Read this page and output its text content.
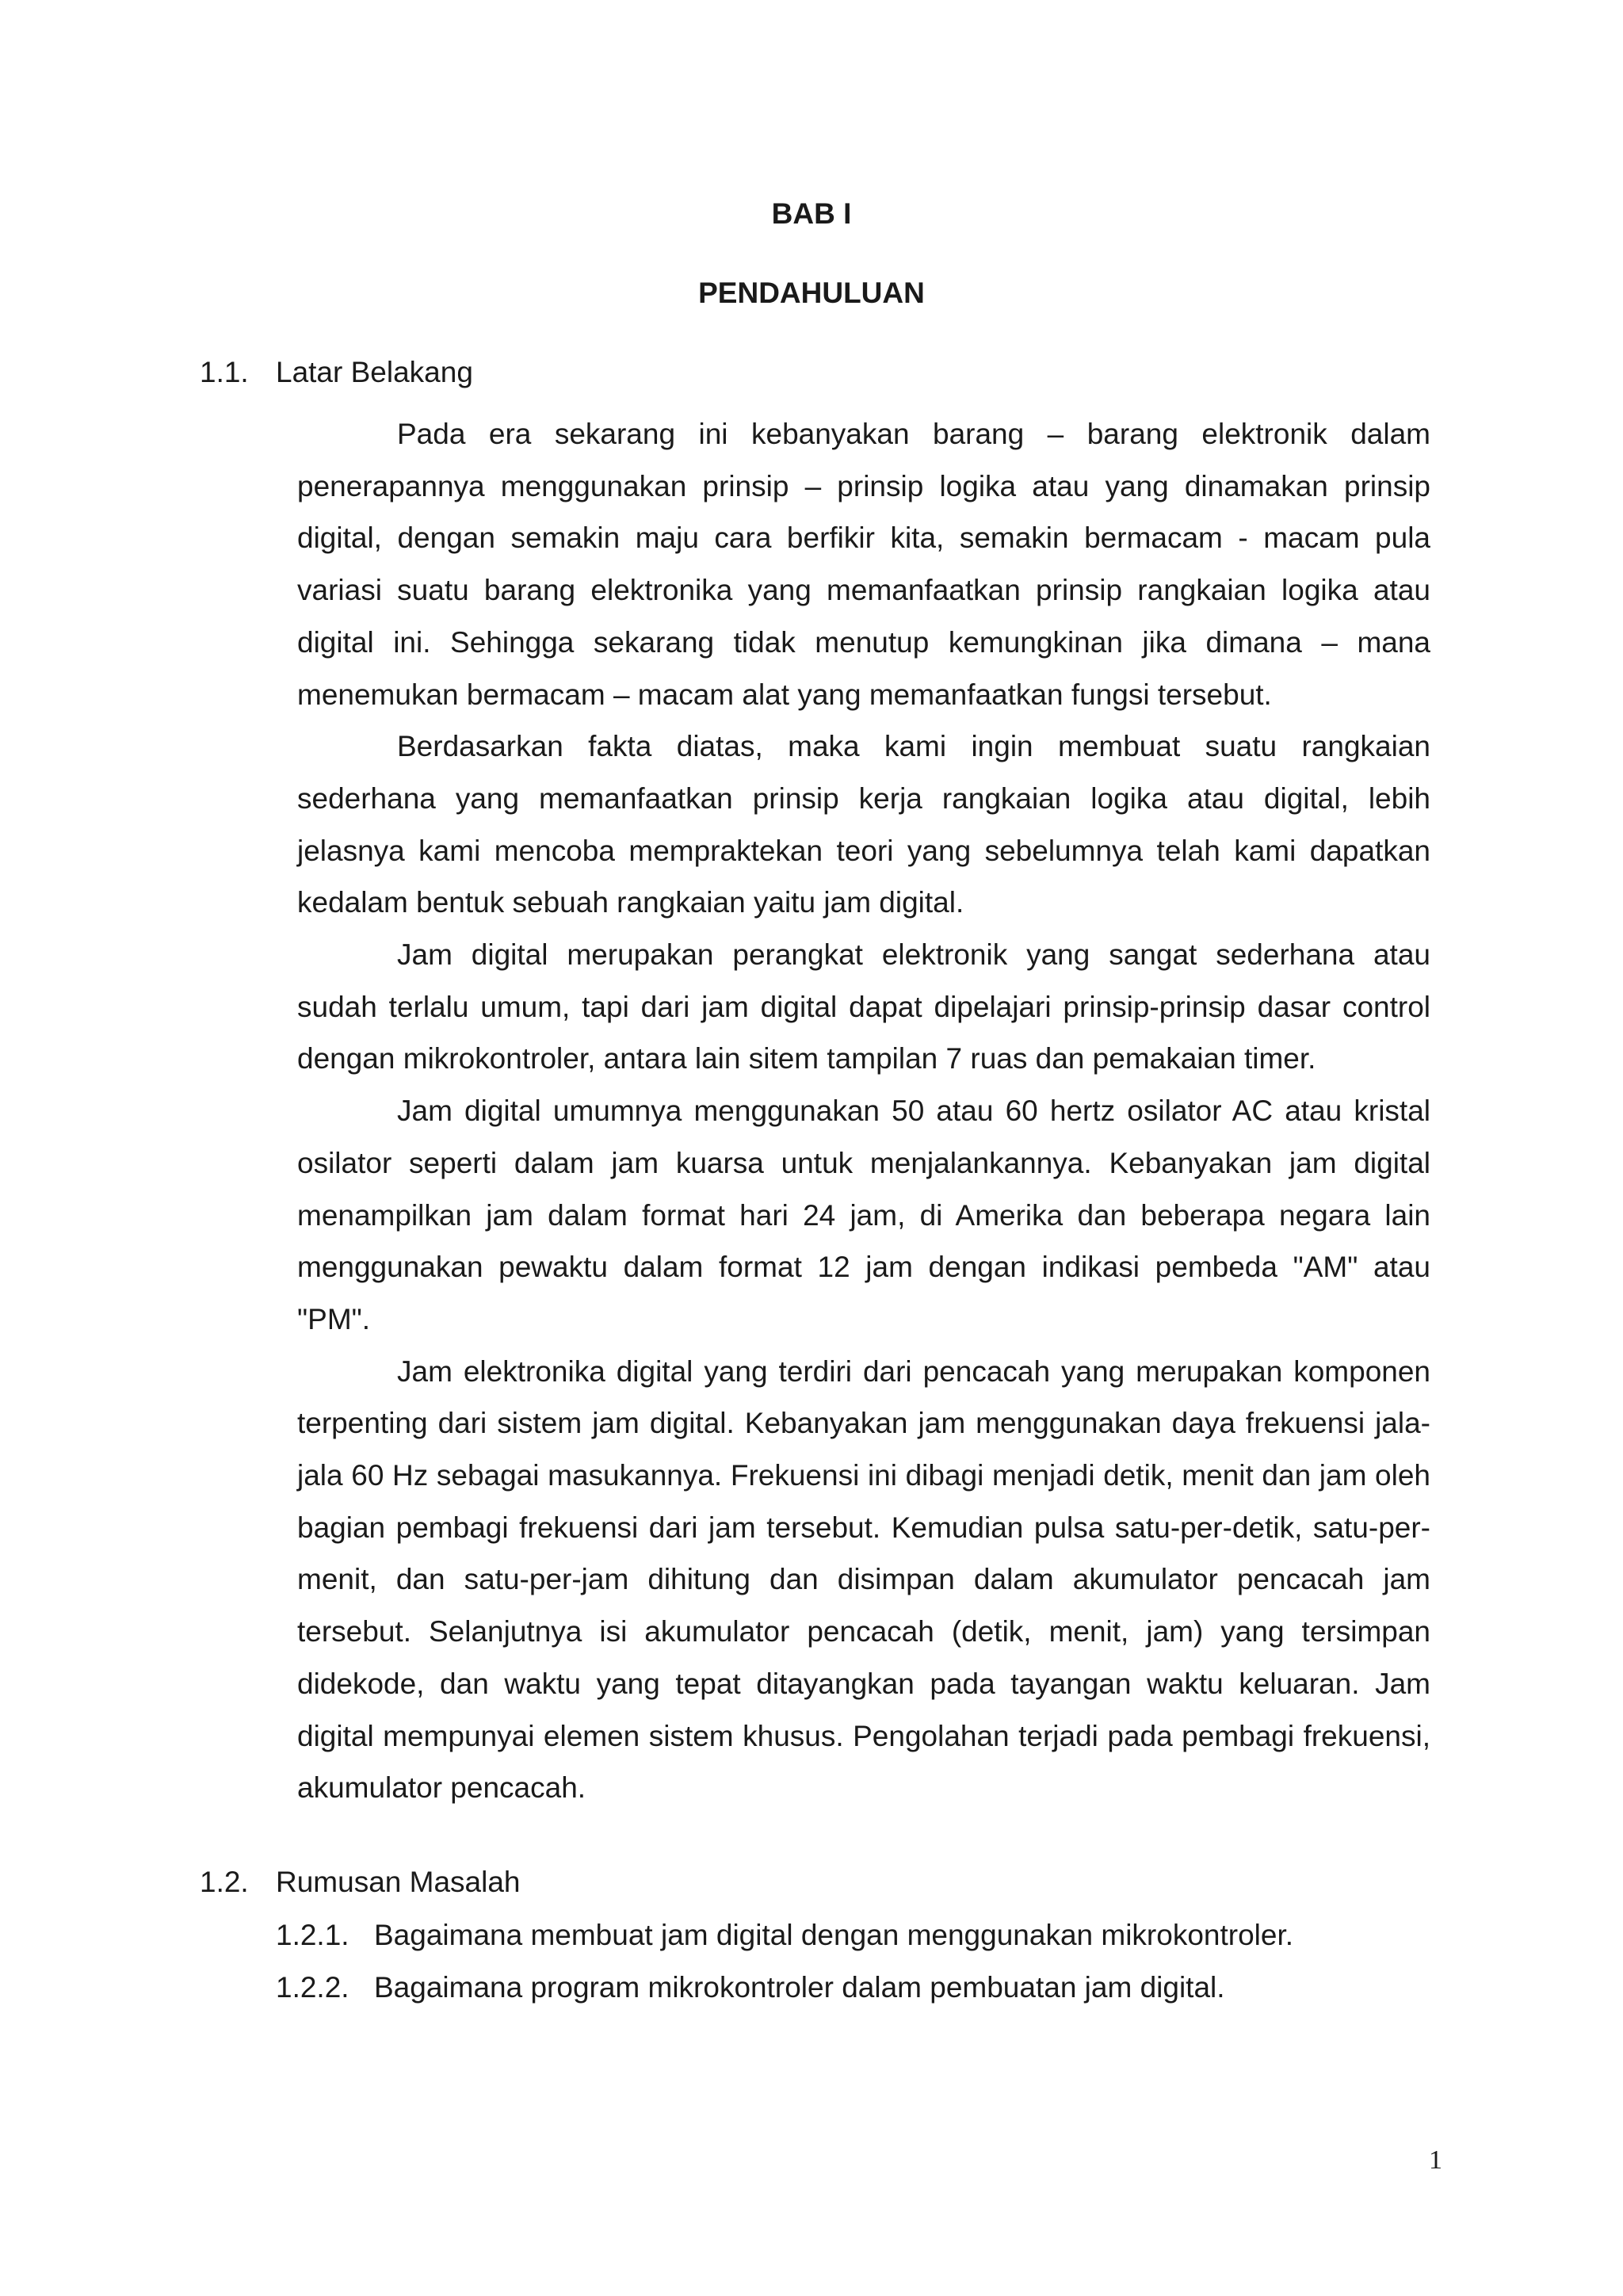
BAB I
PENDAHULUAN
1.1. Latar Belakang

Pada era sekarang ini kebanyakan barang – barang elektronik dalam penerapannya menggunakan prinsip – prinsip logika atau yang dinamakan prinsip digital, dengan semakin maju cara berfikir kita, semakin bermacam - macam pula variasi suatu barang elektronika yang memanfaatkan prinsip rangkaian logika atau digital ini. Sehingga sekarang tidak menutup kemungkinan jika dimana – mana menemukan bermacam – macam alat yang memanfaatkan fungsi tersebut.

Berdasarkan fakta diatas, maka kami ingin membuat suatu rangkaian sederhana yang memanfaatkan prinsip kerja rangkaian logika atau digital, lebih jelasnya kami mencoba mempraktekan teori yang sebelumnya telah kami dapatkan kedalam bentuk sebuah rangkaian yaitu jam digital.

Jam digital merupakan perangkat elektronik yang sangat sederhana atau sudah terlalu umum, tapi dari jam digital dapat dipelajari prinsip-prinsip dasar control dengan mikrokontroler, antara lain sitem tampilan 7 ruas dan pemakaian timer.

Jam digital umumnya menggunakan 50 atau 60 hertz osilator AC atau kristal osilator seperti dalam jam kuarsa untuk menjalankannya. Kebanyakan jam digital menampilkan jam dalam format hari 24 jam, di Amerika dan beberapa negara lain menggunakan pewaktu dalam format 12 jam dengan indikasi pembeda "AM" atau "PM".

Jam elektronika digital yang terdiri dari pencacah yang merupakan komponen terpenting dari sistem jam digital. Kebanyakan jam menggunakan daya frekuensi jala-jala 60 Hz sebagai masukannya. Frekuensi ini dibagi menjadi detik, menit dan jam oleh bagian pembagi frekuensi dari jam tersebut. Kemudian pulsa satu-per-detik, satu-per-menit, dan satu-per-jam dihitung dan disimpan dalam akumulator pencacah jam tersebut. Selanjutnya isi akumulator pencacah (detik, menit, jam) yang tersimpan didekode, dan waktu yang tepat ditayangkan pada tayangan waktu keluaran. Jam digital mempunyai elemen sistem khusus. Pengolahan terjadi pada pembagi frekuensi, akumulator pencacah.

1.2. Rumusan Masalah
1.2.1. Bagaimana membuat jam digital dengan menggunakan mikrokontroler.
1.2.2. Bagaimana program mikrokontroler dalam pembuatan jam digital.
1
